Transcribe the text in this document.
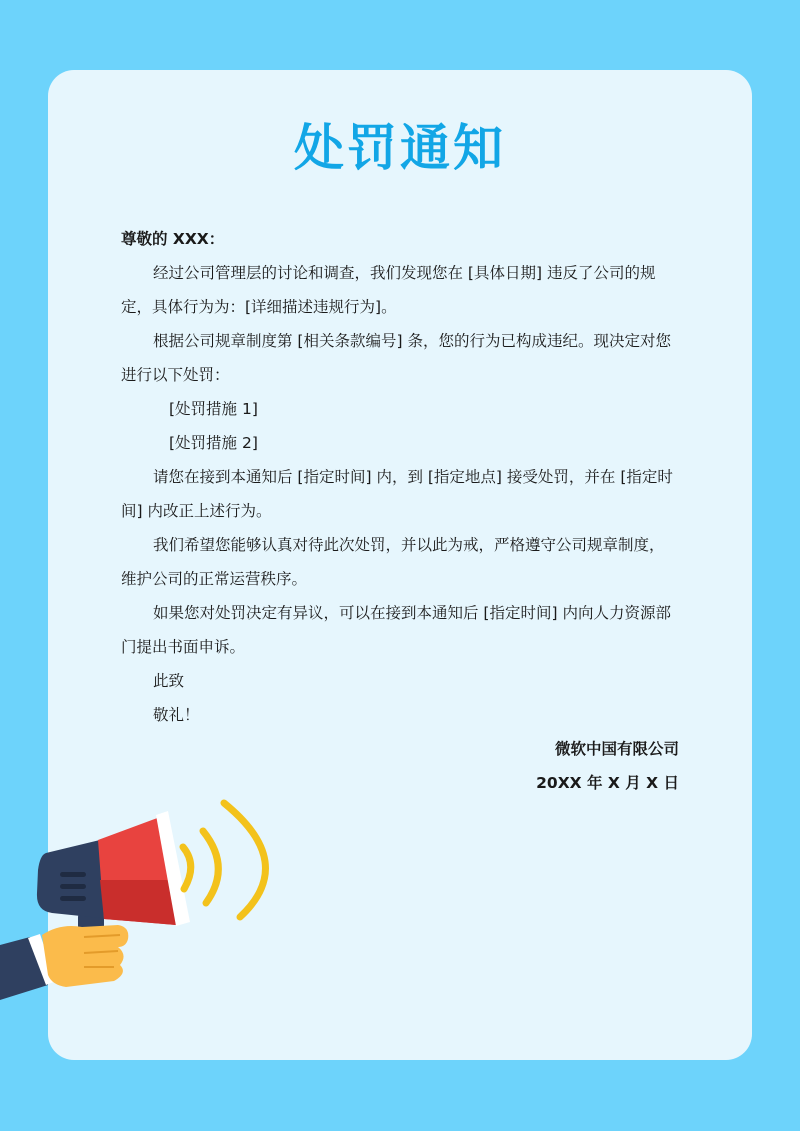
处罚通知

尊敬的 XXX：

经过公司管理层的讨论和调查，我们发现您在 [具体日期] 违反了公司的规定，具体行为为：[详细描述违规行为]。

根据公司规章制度第 [相关条款编号] 条，您的行为已构成违纪。现决定对您进行以下处罚：

[处罚措施 1]

[处罚措施 2]

请您在接到本通知后 [指定时间] 内，到 [指定地点] 接受处罚，并在 [指定时间] 内改正上述行为。

我们希望您能够认真对待此次处罚，并以此为戒，严格遵守公司规章制度，维护公司的正常运营秩序。

如果您对处罚决定有异议，可以在接到本通知后 [指定时间] 内向人力资源部门提出书面申诉。

此致

敬礼！

微软中国有限公司

20XX 年 X 月 X 日
